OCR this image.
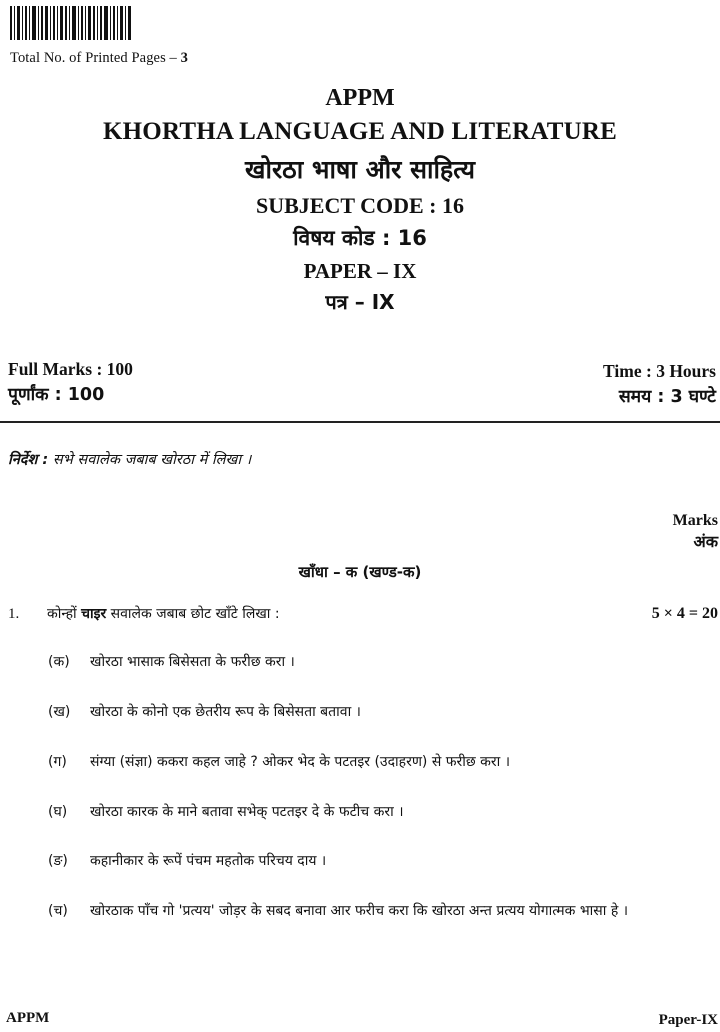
Total No. of Printed Pages – 3
APPM
KHORTHA LANGUAGE AND LITERATURE
खोरठा भाषा और साहित्य
SUBJECT CODE : 16
विषय कोड : 16
PAPER – IX
पत्र – IX
Full Marks : 100
पूर्णांक : 100
Time : 3 Hours
समय : 3 घण्टे
निर्देश : सभे सवालेक जबाब खोरठा में लिखा ।
Marks
अंक
खाँधा – क (खण्ड-क)
1. कोन्हों चाइर सवालेक जबाब छोट खाँटे लिखा :	5 × 4 = 20
(क)	खोरठा भासाक बिसेसता के फरीछ करा ।
(ख)	खोरठा के कोनो एक छेतरीय रूप के बिसेसता बतावा ।
(ग)	संग्या (संज्ञा) ककरा कहल जाहे ? ओकर भेद के पटतइर (उदाहरण) से फरीछ करा ।
(घ)	खोरठा कारक के माने बतावा सभेक् पटतइर दे के फटीच करा ।
(ङ)	कहानीकार के रूपें पंचम महतोक परिचय दाय ।
(च)	खोरठाक पाँच गो 'प्रत्यय' जोड़र के सबद बनावा आर फरीच करा कि खोरठा अन्त प्रत्यय योगात्मक भासा हे ।
APPM	Paper-IX
